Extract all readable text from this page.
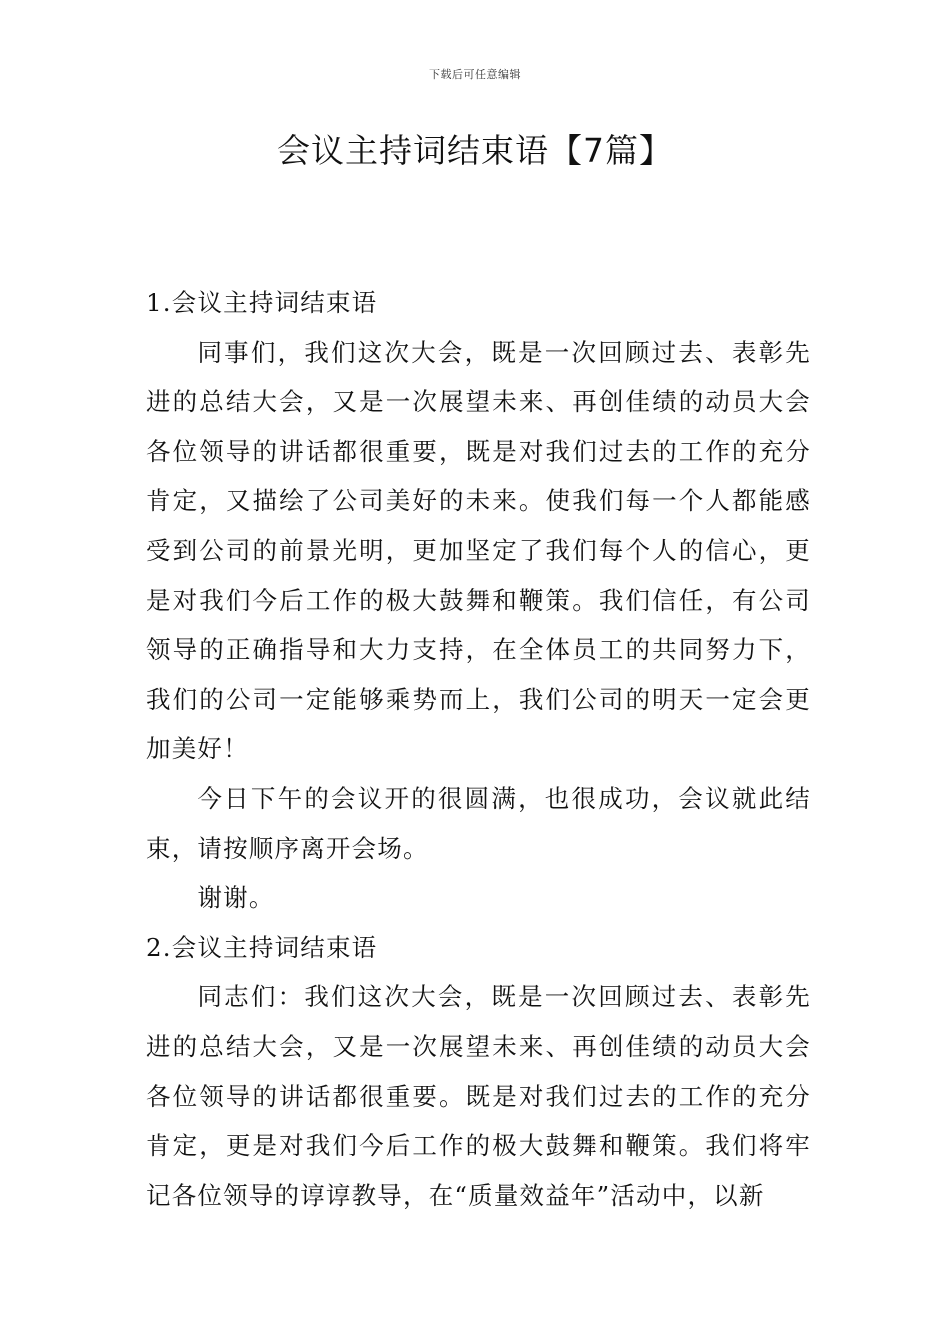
下载后可任意编辑
会议主持词结束语【7篇】

1.会议主持词结束语

同事们，我们这次大会，既是一次回顾过去、表彰先进的总结大会，又是一次展望未来、再创佳绩的动员大会各位领导的讲话都很重要，既是对我们过去的工作的充分肯定，又描绘了公司美好的未来。使我们每一个人都能感受到公司的前景光明，更加坚定了我们每个人的信心，更是对我们今后工作的极大鼓舞和鞭策。我们信任，有公司领导的正确指导和大力支持，在全体员工的共同努力下，我们的公司一定能够乘势而上，我们公司的明天一定会更加美好！

今日下午的会议开的很圆满，也很成功，会议就此结束，请按顺序离开会场。

谢谢。

2.会议主持词结束语

同志们：我们这次大会，既是一次回顾过去、表彰先进的总结大会，又是一次展望未来、再创佳绩的动员大会各位领导的讲话都很重要。既是对我们过去的工作的充分肯定，更是对我们今后工作的极大鼓舞和鞭策。我们将牢记各位领导的谆谆教导，在“质量效益年”活动中，以新
